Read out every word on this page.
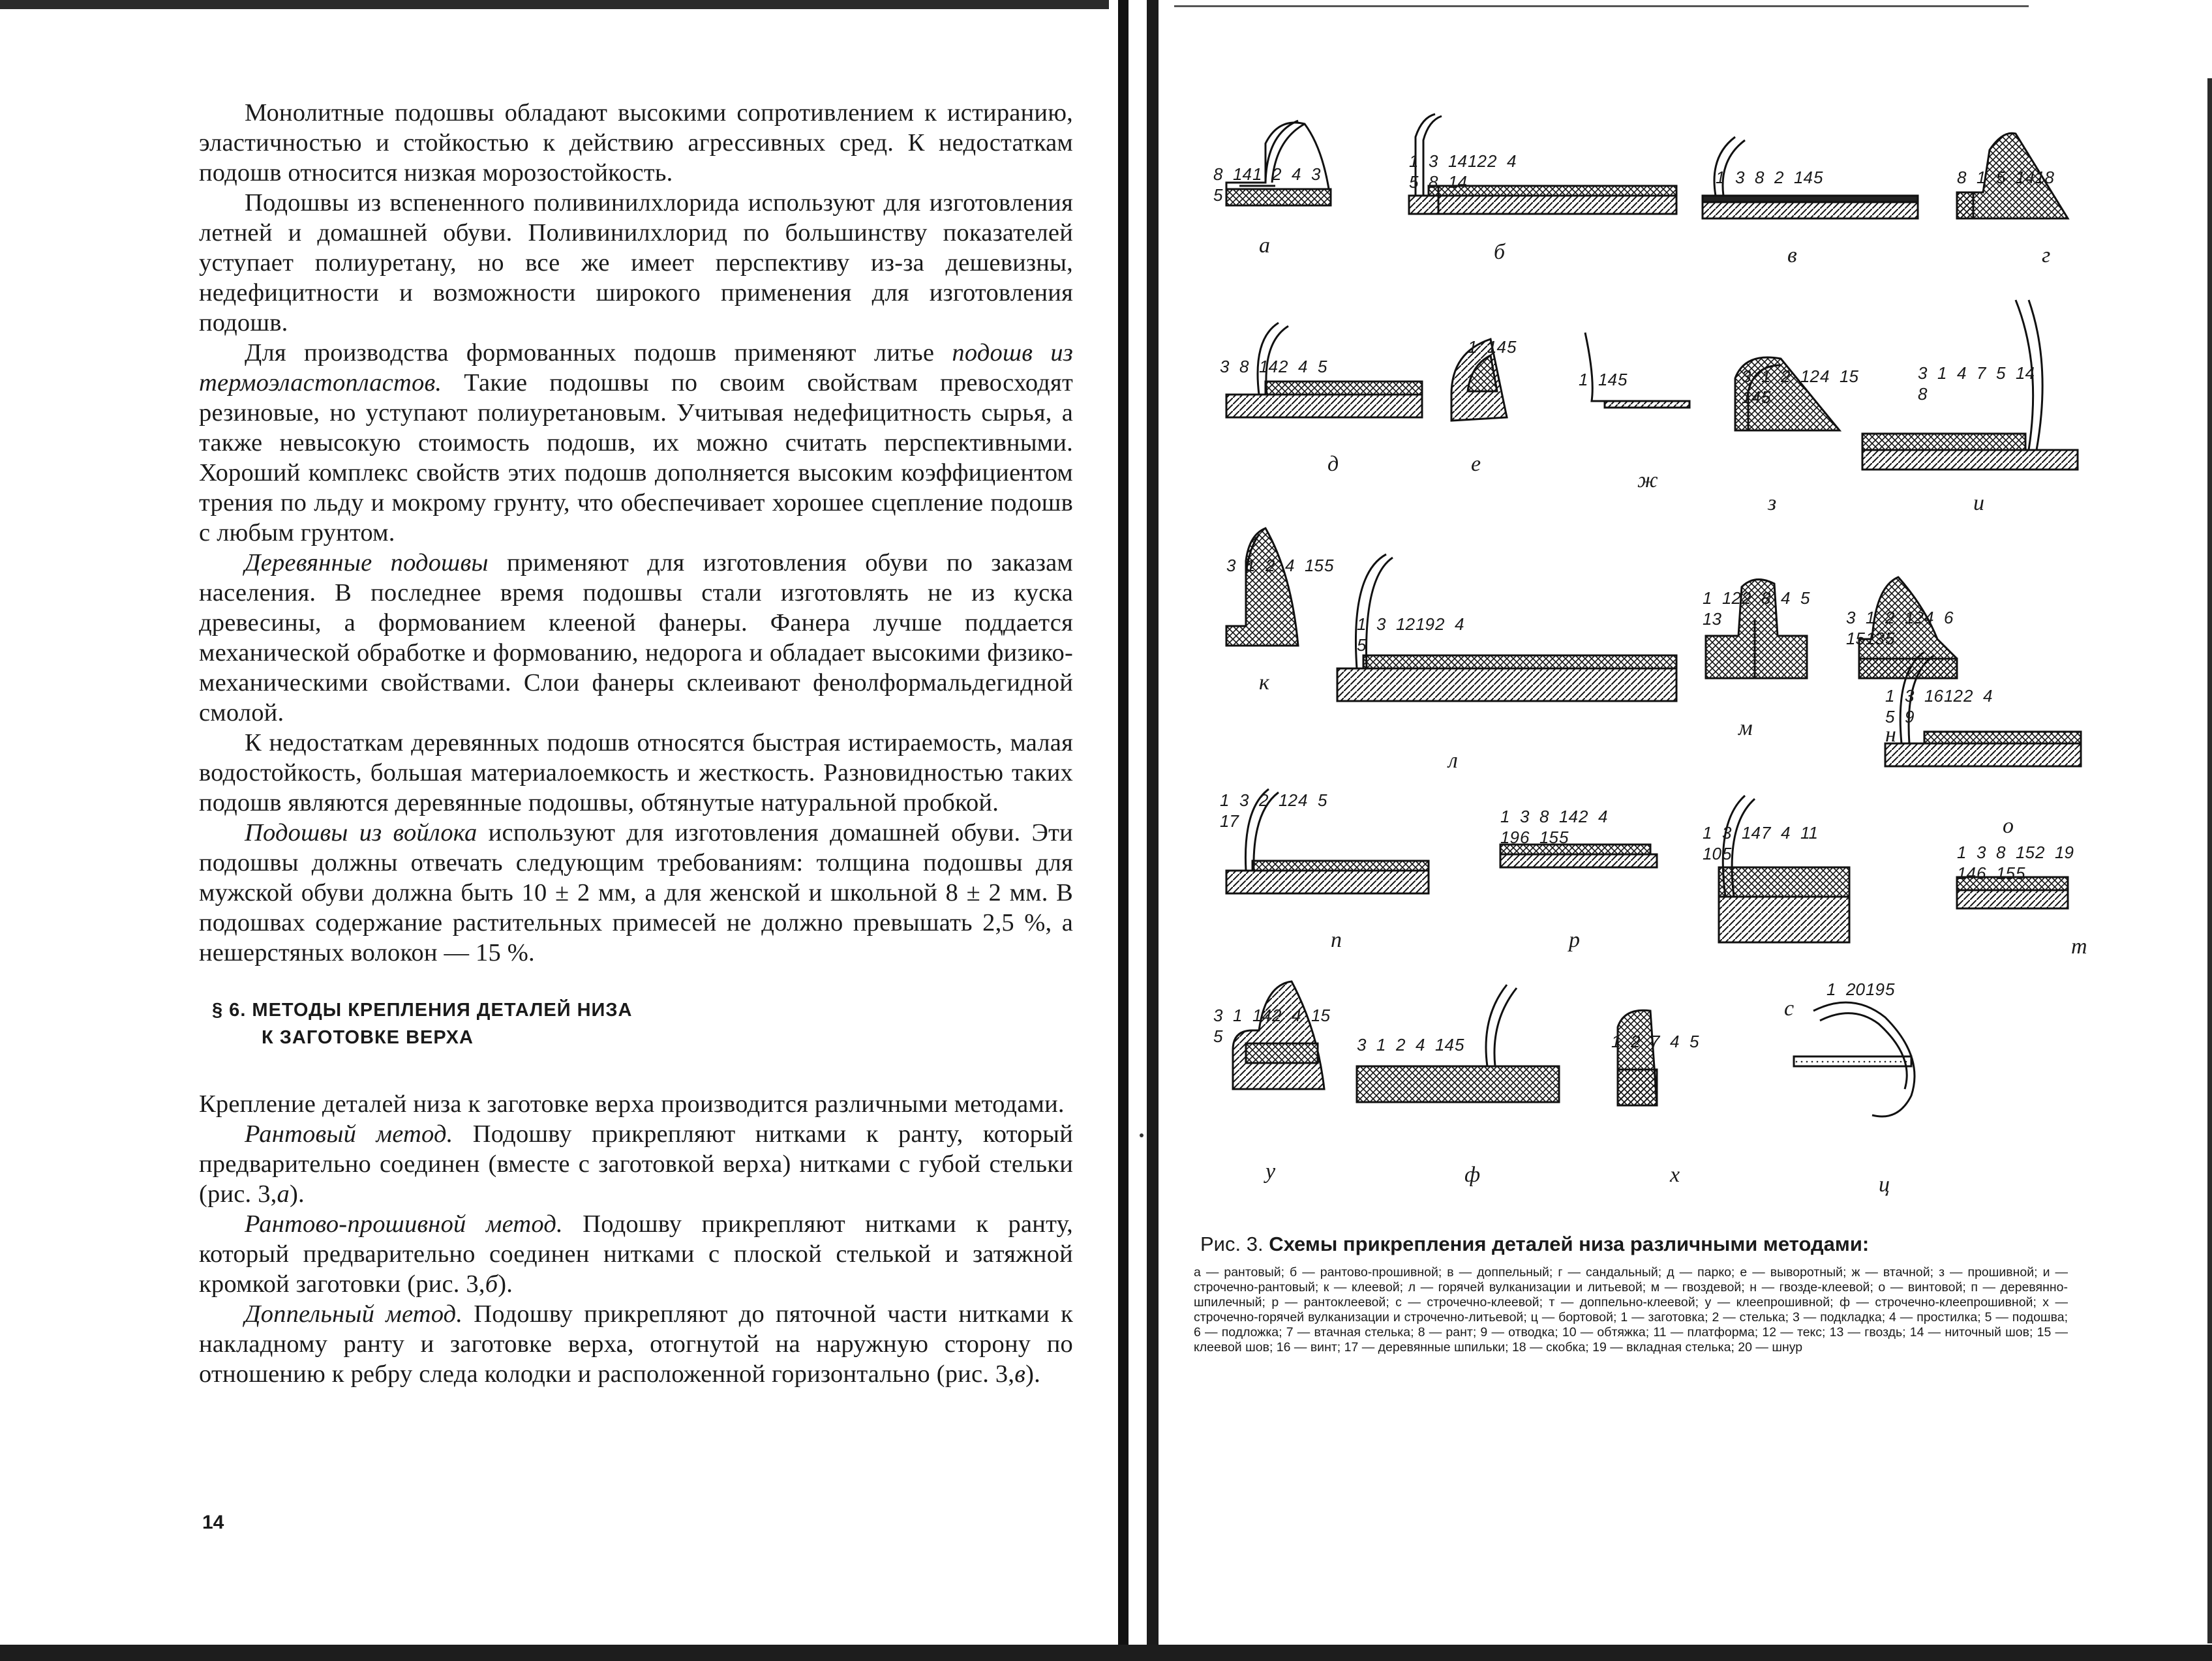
Монолитные подошвы обладают высокими сопротивлением к истиранию, эластичностью и стойкостью к действию агрессивных сред. К недостаткам подошв относится низкая морозостойкость.

Подошвы из вспененного поливинилхлорида используют для изготовления летней и домашней обуви. Поливинилхлорид по большинству показателей уступает полиуретану, но все же имеет перспективу из-за дешевизны, недефицитности и возможности широкого применения для изготовления подошв.

Для производства формованных подошв применяют литье подошв из термоэластопластов. Такие подошвы по своим свойствам превосходят резиновые, но уступают полиуретановым. Учитывая недефицитность сырья, а также невысокую стоимость подошв, их можно считать перспективными. Хороший комплекс свойств этих подошв дополняется высоким коэффициентом трения по льду и мокрому грунту, что обеспечивает хорошее сцепление подошв с любым грунтом.

Деревянные подошвы применяют для изготовления обуви по заказам населения. В последнее время подошвы стали изготовлять не из куска древесины, а формованием клееной фанеры. Фанера лучше поддается механической обработке и формованию, недорога и обладает высокими физико-механическими свойствами. Слои фанеры склеивают фенолформальдегидной смолой.

К недостаткам деревянных подошв относятся быстрая истираемость, малая водостойкость, большая материалоемкость и жесткость. Разновидностью таких подошв являются деревянные подошвы, обтянутые натуральной пробкой.

Подошвы из войлока используют для изготовления домашней обуви. Эти подошвы должны отвечать следующим требованиям: толщина подошвы для мужской обуви должна быть 10 ± 2 мм, а для женской и школьной 8 ± 2 мм. В подошвах содержание растительных примесей не должно превышать 2,5 %, а нешерстяных волокон — 15 %.

§ 6. МЕТОДЫ КРЕПЛЕНИЯ ДЕТАЛЕЙ НИЗА
К ЗАГОТОВКЕ ВЕРХА

Крепление деталей низа к заготовке верха производится различными методами.

Рантовый метод. Подошву прикрепляют нитками к ранту, который предварительно соединен (вместе с заготовкой верха) нитками с губой стельки (рис. 3,а).

Рантово-прошивной метод. Подошву прикрепляют нитками к ранту, который предварительно соединен нитками с плоской стелькой и затяжной кромкой заготовки (рис. 3,б).

Доппельный метод. Подошву прикрепляют до пяточной части нитками к накладному ранту и заготовке верха, отогнутой на наружную сторону по отношению к ребру следа колодки и расположенной горизонтально (рис. 3,в).

14
а
8 14 1 2 4 3
5
б
1 3 14 12 2 4
5 8 14
в
1 3 8 2 14 5
г
8 1 5 14 18
д
3 8 14 2 4 5
е
1 14 5
ж
1 14 5
з
3 1 2 12 4 15
14 5
и
3 1 4 7 5 14
8
к
3 1 2 4 15 5
л
1 3 12 19 2 4
5
м
1 12 2 8 4 5
13
н
3 1 2 12 4 6
15 13 5
о
1 3 16 12 2 4
5 9
п
1 3 2 12 4 5
17
р
1 3 8 14 2 4
19 6 15 5
с
1 3 14 7 4 11
10 5
т
1 3 8 15 2 19
14 6 15 5
у
3 1 14 2 4 15
5
ф
3 1 2 4 14 5
х
1 2 7 4 5
ц
1 20 19 5
Рис. 3. Схемы прикрепления деталей низа различными методами:
а — рантовый; б — рантово-прошивной; в — доппельный; г — сандальный; д — парко; е — выворотный; ж — втачной; з — прошивной; и — строчечно-рантовый; к — клеевой; л — горячей вулканизации и литьевой; м — гвоздевой; н — гвоздe-клеевой; о — винтовой; п — деревянно-шпилечный; р — рантоклеевой; с — строчечно-клеевой; т — доппельно-клеевой; у — клеепрошивной; ф — строчечно-клеепрошивной; х — строчечно-горячей вулканизации и строчечно-литьевой; ц — бортовой; 1 — заготовка; 2 — стелька; 3 — подкладка; 4 — простилка; 5 — подошва; 6 — подложка; 7 — втачная стелька; 8 — рант; 9 — отводка; 10 — обтяжка; 11 — платформа; 12 — текс; 13 — гвоздь; 14 — ниточный шов; 15 — клеевой шов; 16 — винт; 17 — деревянные шпильки; 18 — скобка; 19 — вкладная стелька; 20 — шнур
